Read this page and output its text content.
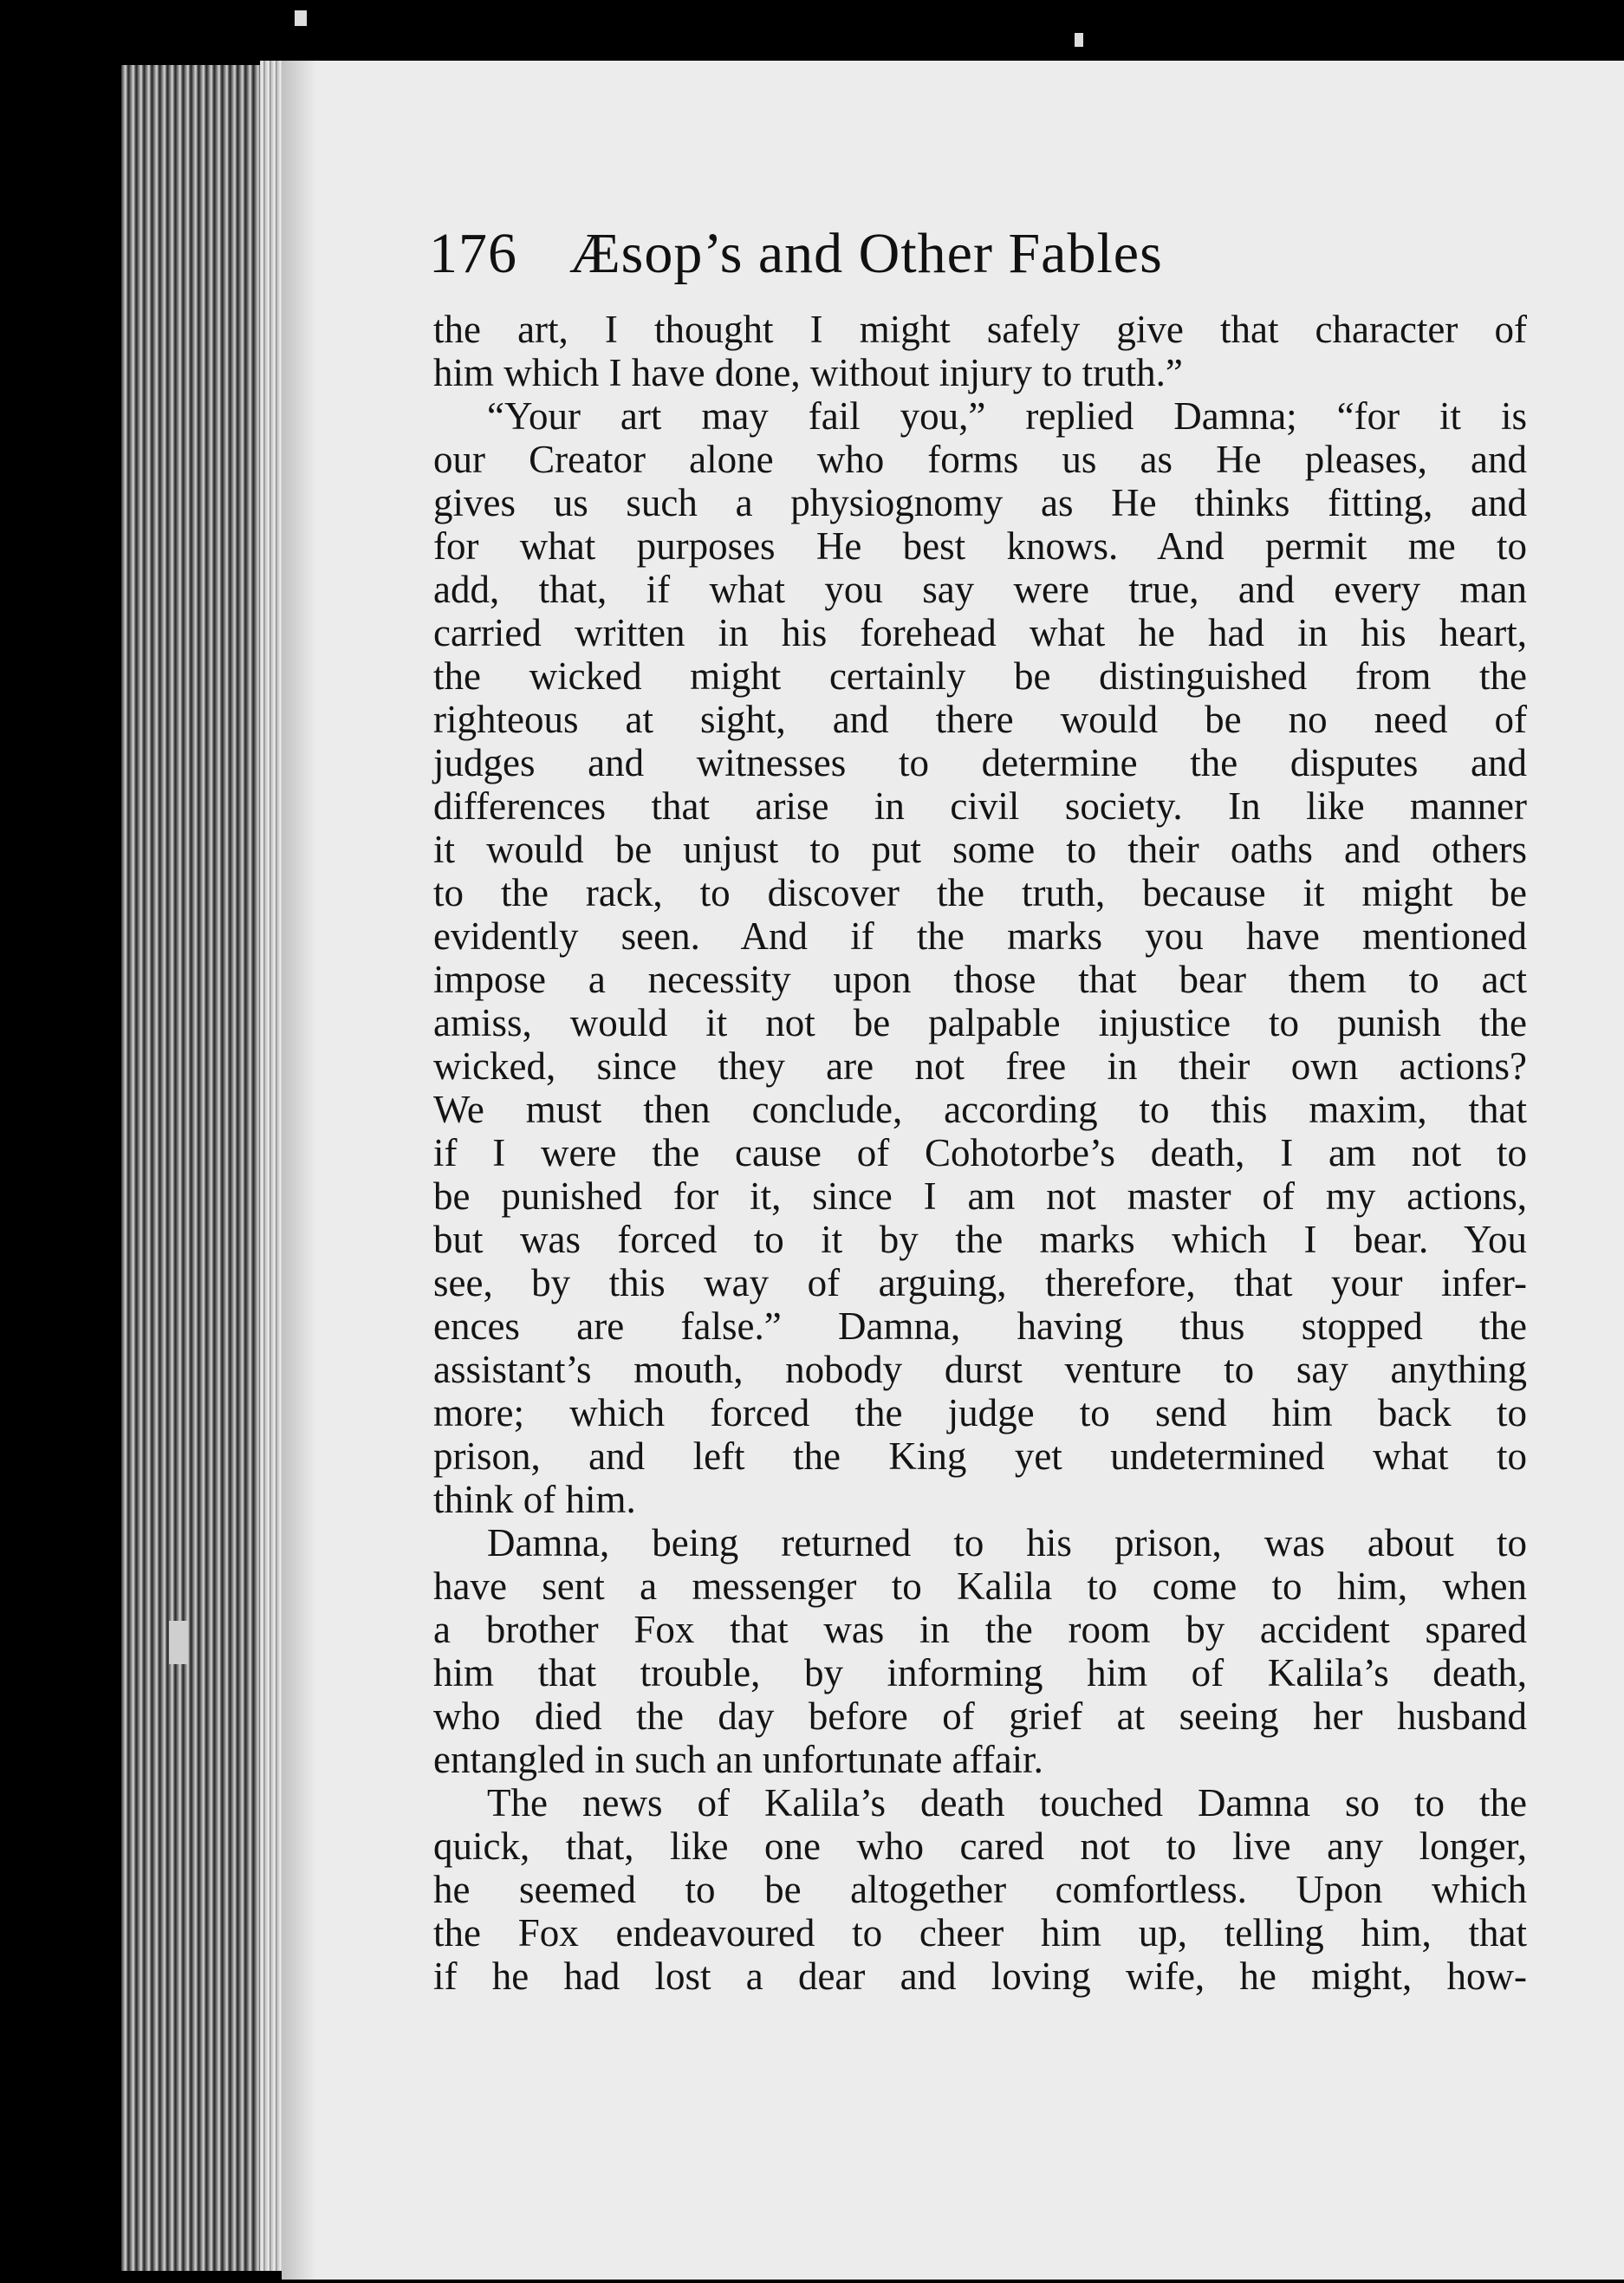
176 Æsop’s and Other Fables
the art, I thought I might safely give that character of
him which I have done, without injury to truth.”
“Your art may fail you,” replied Damna; “for it is
our Creator alone who forms us as He pleases, and
gives us such a physiognomy as He thinks fitting, and
for what purposes He best knows. And permit me to
add, that, if what you say were true, and every man
carried written in his forehead what he had in his heart,
the wicked might certainly be distinguished from the
righteous at sight, and there would be no need of
judges and witnesses to determine the disputes and
differences that arise in civil society. In like manner
it would be unjust to put some to their oaths and others
to the rack, to discover the truth, because it might be
evidently seen. And if the marks you have mentioned
impose a necessity upon those that bear them to act
amiss, would it not be palpable injustice to punish the
wicked, since they are not free in their own actions?
We must then conclude, according to this maxim, that
if I were the cause of Cohotorbe’s death, I am not to
be punished for it, since I am not master of my actions,
but was forced to it by the marks which I bear. You
see, by this way of arguing, therefore, that your infer-
ences are false.” Damna, having thus stopped the
assistant’s mouth, nobody durst venture to say anything
more; which forced the judge to send him back to
prison, and left the King yet undetermined what to
think of him.
Damna, being returned to his prison, was about to
have sent a messenger to Kalila to come to him, when
a brother Fox that was in the room by accident spared
him that trouble, by informing him of Kalila’s death,
who died the day before of grief at seeing her husband
entangled in such an unfortunate affair.
The news of Kalila’s death touched Damna so to the
quick, that, like one who cared not to live any longer,
he seemed to be altogether comfortless. Upon which
the Fox endeavoured to cheer him up, telling him, that
if he had lost a dear and loving wife, he might, how-
